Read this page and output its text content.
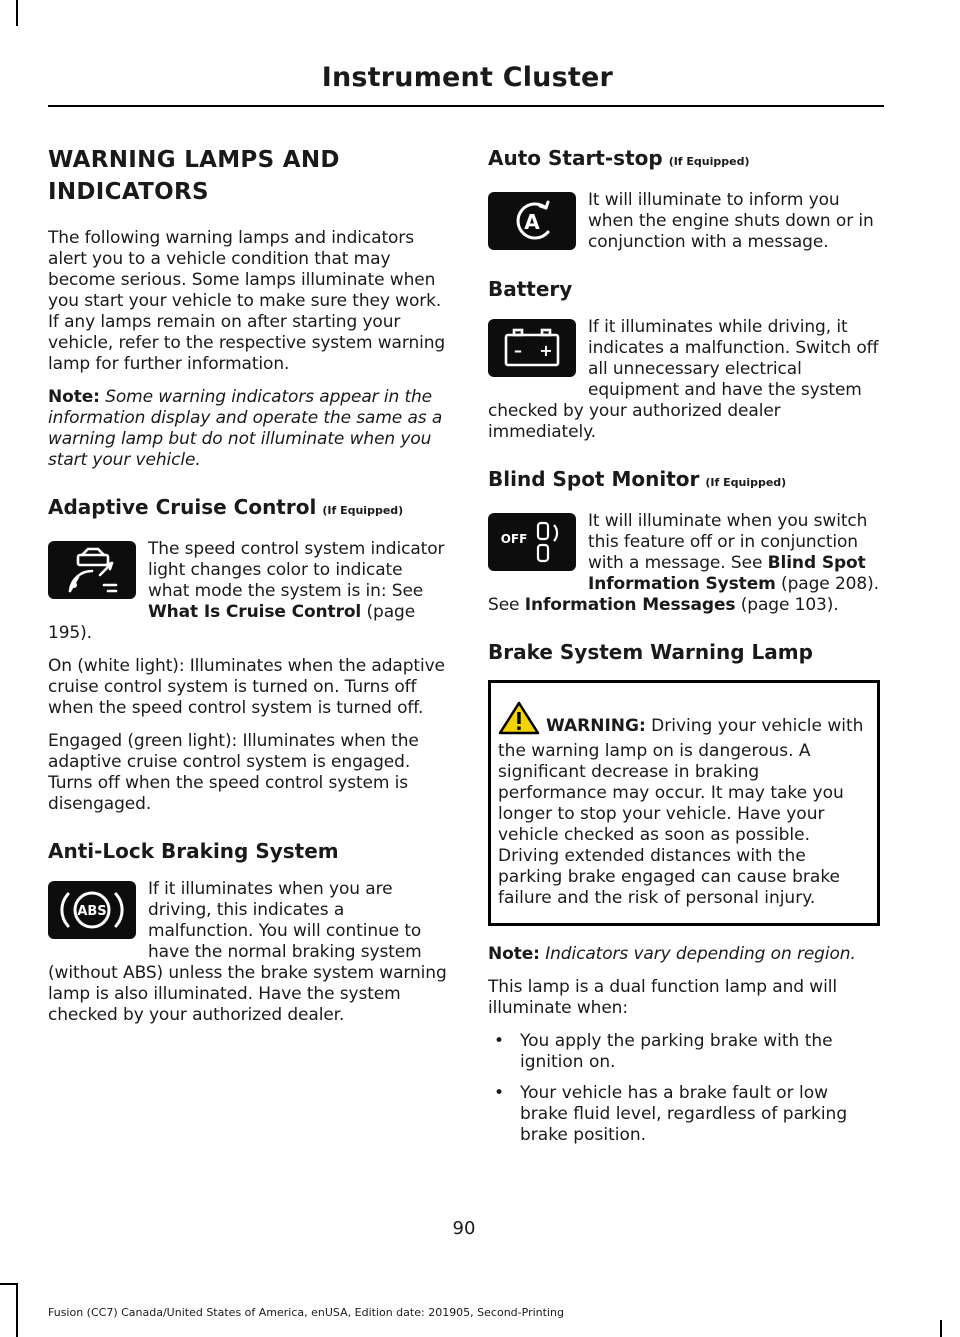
Instrument Cluster
WARNING LAMPS AND
INDICATORS

The following warning lamps and indicators alert you to a vehicle condition that may become serious. Some lamps illuminate when you start your vehicle to make sure they work. If any lamps remain on after starting your vehicle, refer to the respective system warning lamp for further information.

Note: Some warning indicators appear in the information display and operate the same as a warning lamp but do not illuminate when you start your vehicle.

Adaptive Cruise Control (If Equipped)

The speed control system indicator light changes color to indicate what mode the system is in: See What Is Cruise Control (page 195).

On (white light): Illuminates when the adaptive cruise control system is turned on. Turns off when the speed control system is turned off.

Engaged (green light): Illuminates when the adaptive cruise control system is engaged. Turns off when the speed control system is disengaged.

Anti-Lock Braking System
ABS

If it illuminates when you are driving, this indicates a malfunction. You will continue to have the normal braking system (without ABS) unless the brake system warning lamp is also illuminated. Have the system checked by your authorized dealer.

Auto Start-stop (If Equipped)
A

It will illuminate to inform you when the engine shuts down or in conjunction with a message.

Battery
– +

If it illuminates while driving, it indicates a malfunction. Switch off all unnecessary electrical equipment and have the system checked by your authorized dealer immediately.

Blind Spot Monitor (If Equipped)
OFF

It will illuminate when you switch this feature off or in conjunction with a message. See Blind Spot Information System (page 208). See Information Messages (page 103).

Brake System Warning Lamp

WARNING: Driving your vehicle with the warning lamp on is dangerous. A significant decrease in braking performance may occur. It may take you longer to stop your vehicle. Have your vehicle checked as soon as possible. Driving extended distances with the parking brake engaged can cause brake failure and the risk of personal injury.

Note: Indicators vary depending on region.

This lamp is a dual function lamp and will illuminate when:

• You apply the parking brake with the ignition on.
• Your vehicle has a brake fault or low brake fluid level, regardless of parking brake position.
90
Fusion (CC7) Canada/United States of America, enUSA, Edition date: 201905, Second-Printing
